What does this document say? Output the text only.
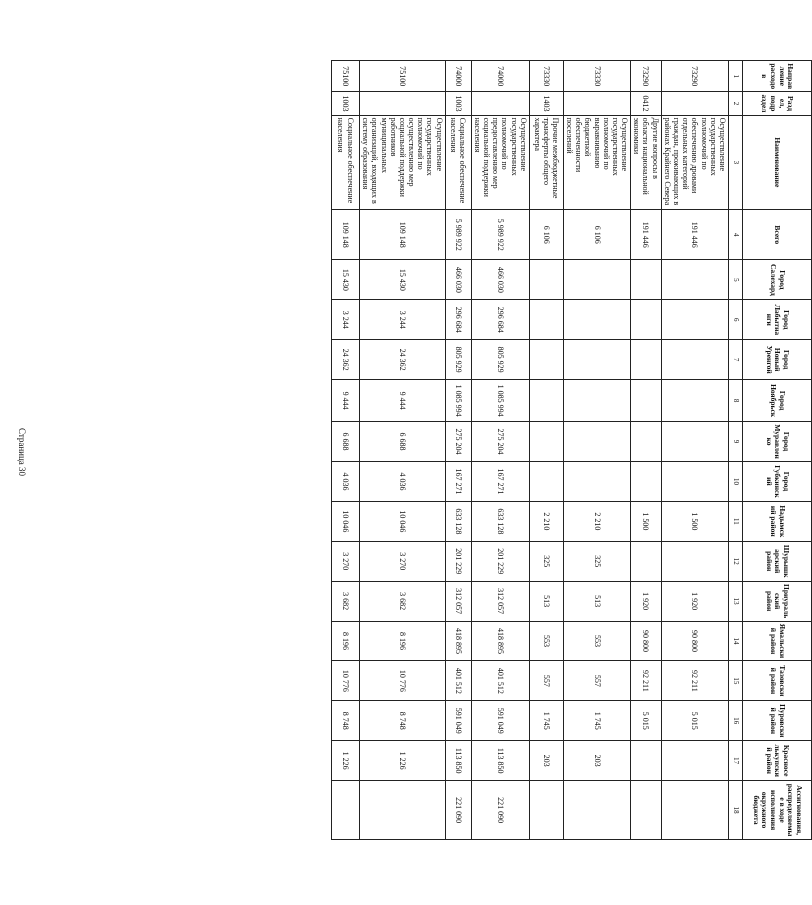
Страница 30
Направление расходов	Раздел, подраздел	Наименование	Всего	Город Салехард	Город Лабытнанги	Город Новый Уренгой	Город Ноябрьск	Город Муравленко	Город Губкинский	Надымский район	Шурышкарский район	Приуральский район	Ямальский район	Тазовский район	Пуровский район	Красноселькупский район	Ассигнования, распределяемые в ходе исполнения окружного бюджета
1	2	3	4	5	6	7	8	9	10	11	12	13	14	15	16	17	18
73290		Осуществление государственных полномочий по обеспечению дровами отдельных категорий граждан, проживающих в районах Крайнего Севера	191 446							1 500		1 920	90 800	92 211	5 015		
73290	0412	Другие вопросы в области национальной экономики	191 446							1 500		1 920	90 800	92 211	5 015		
73330		Осуществление государственных полномочий по выравниванию бюджетной обеспеченности поселений	6 106							2 210	325	513	553	557	1 745	203	
73330	1403	Прочие межбюджетные трансферты общего характера	6 106							2 210	325	513	553	557	1 745	203	
74000		Осуществление государственных полномочий по предоставлению мер социальной поддержки населения	5 989 922	466 030	296 684	805 929	1 085 994	275 204	167 271	633 128	201 229	312 057	418 895	401 512	591 049	113 850	221 090
74000	1003	Социальное обеспечение населения	5 989 922	466 030	296 684	805 929	1 085 994	275 204	167 271	633 128	201 229	312 057	418 895	401 512	591 049	113 850	221 090
75100		Осуществление государственных полномочий по осуществлению мер социальной поддержки работников муниципальных организаций, входящих в систему образования	109 148	15 430	3 244	24 362	9 444	6 688	4 036	10 046	3 270	3 682	8 196	10 776	8 748	1 226	
75100	1003	Социальное обеспечение населения	109 148	15 430	3 244	24 362	9 444	6 688	4 036	10 046	3 270	3 682	8 196	10 776	8 748	1 226	
